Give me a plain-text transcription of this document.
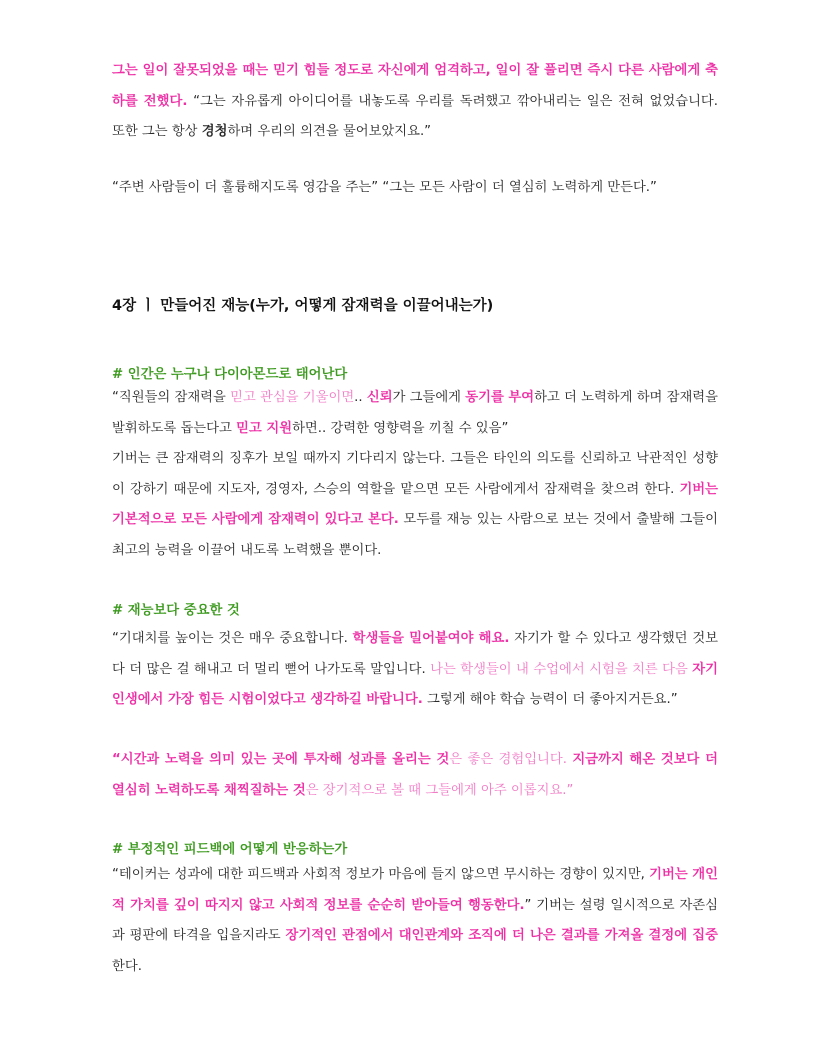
그는 일이 잘못되었을 때는 믿기 힘들 정도로 자신에게 엄격하고, 일이 잘 풀리면 즉시 다른 사람에게 축하를 전했다. “그는 자유롭게 아이디어를 내놓도록 우리를 독려했고 깎아내리는 일은 전혀 없었습니다. 또한 그는 항상 경청하며 우리의 의견을 물어보았지요.”

“주변 사람들이 더 훌륭해지도록 영감을 주는” “그는 모든 사람이 더 열심히 노력하게 만든다.”

4장 ㅣ 만들어진 재능(누가, 어떻게 잠재력을 이끌어내는가)
# 인간은 누구나 다이아몬드로 태어난다

“직원들의 잠재력을 믿고 관심을 기울이면.. 신뢰가 그들에게 동기를 부여하고 더 노력하게 하며 잠재력을 발휘하도록 돕는다고 믿고 지원하면.. 강력한 영향력을 끼칠 수 있음”

기버는 큰 잠재력의 징후가 보일 때까지 기다리지 않는다. 그들은 타인의 의도를 신뢰하고 낙관적인 성향이 강하기 때문에 지도자, 경영자, 스승의 역할을 맡으면 모든 사람에게서 잠재력을 찾으려 한다. 기버는 기본적으로 모든 사람에게 잠재력이 있다고 본다. 모두를 재능 있는 사람으로 보는 것에서 출발해 그들이 최고의 능력을 이끌어 내도록 노력했을 뿐이다.

# 재능보다 중요한 것

“기대치를 높이는 것은 매우 중요합니다. 학생들을 밀어붙여야 해요. 자기가 할 수 있다고 생각했던 것보다 더 많은 걸 해내고 더 멀리 뻗어 나가도록 말입니다. 나는 학생들이 내 수업에서 시험을 치른 다음 자기 인생에서 가장 힘든 시험이었다고 생각하길 바랍니다. 그렇게 해야 학습 능력이 더 좋아지거든요.”

“시간과 노력을 의미 있는 곳에 투자해 성과를 올리는 것은 좋은 경험입니다. 지금까지 해온 것보다 더 열심히 노력하도록 채찍질하는 것은 장기적으로 볼 때 그들에게 아주 이롭지요.”

# 부정적인 피드백에 어떻게 반응하는가

“테이커는 성과에 대한 피드백과 사회적 정보가 마음에 들지 않으면 무시하는 경향이 있지만, 기버는 개인적 가치를 깊이 따지지 않고 사회적 정보를 순순히 받아들여 행동한다.” 기버는 설령 일시적으로 자존심과 평판에 타격을 입을지라도 장기적인 관점에서 대인관계와 조직에 더 나은 결과를 가져올 결정에 집중한다.
